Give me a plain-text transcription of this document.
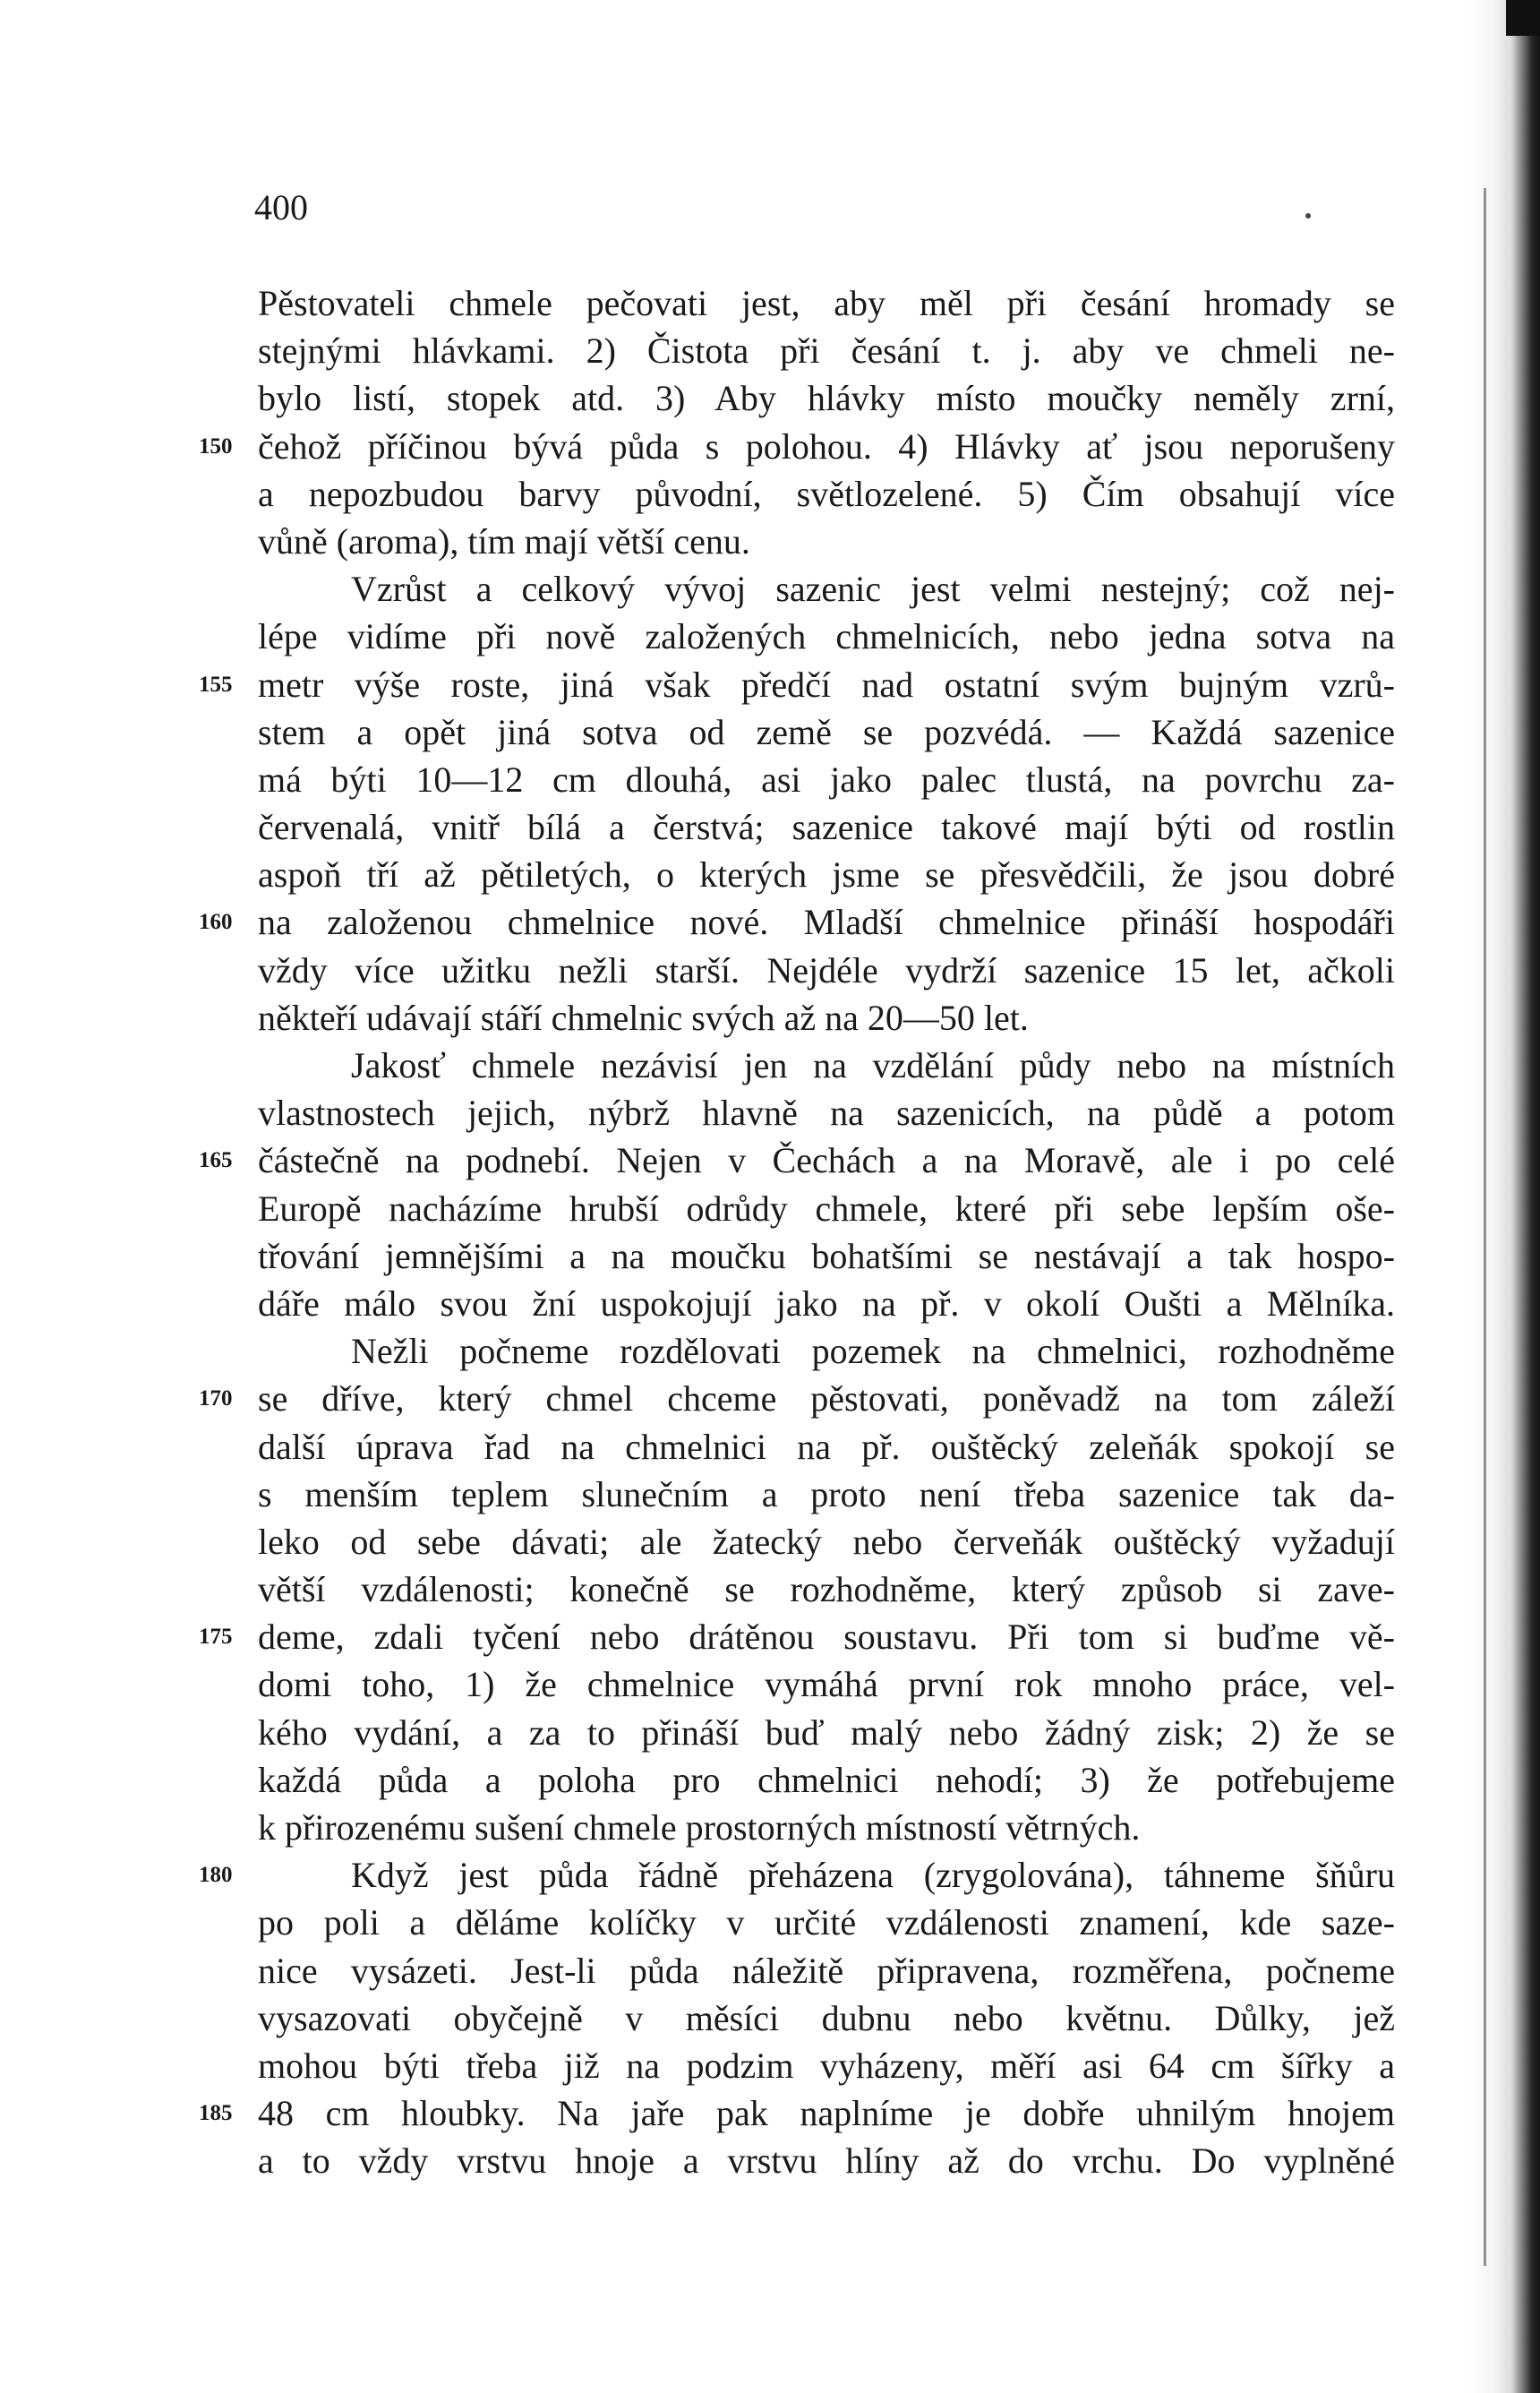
400
Pěstovateli chmele pečovati jest, aby měl při česání hromady se
stejnými hlávkami. 2) Čistota při česání t. j. aby ve chmeli ne-
bylo listí, stopek atd. 3) Aby hlávky místo moučky neměly zrní,
150 čehož příčinou bývá půda s polohou. 4) Hlávky ať jsou neporušeny
a nepozbudou barvy původní, světlozelené. 5) Čím obsahují více
vůně (aroma), tím mají větší cenu.
Vzrůst a celkový vývoj sazenic jest velmi nestejný; což nej-
lépe vidíme při nově založených chmelnicích, nebo jedna sotva na
155 metr výše roste, jiná však předčí nad ostatní svým bujným vzrů-
stem a opět jiná sotva od země se pozvédá. — Každá sazenice
má býti 10—12 cm dlouhá, asi jako palec tlustá, na povrchu za-
červenalá, vnitř bílá a čerstvá; sazenice takové mají býti od rostlin
aspoň tří až pětiletých, o kterých jsme se přesvědčili, že jsou dobré
160 na založenou chmelnice nové. Mladší chmelnice přináší hospodáři
vždy více užitku nežli starší. Nejdéle vydrží sazenice 15 let, ačkoli
někteří udávají stáří chmelnic svých až na 20—50 let.
Jakosť chmele nezávisí jen na vzdělání půdy nebo na místních
vlastnostech jejich, nýbrž hlavně na sazenicích, na půdě a potom
165 částečně na podnebí. Nejen v Čechách a na Moravě, ale i po celé
Europě nacházíme hrubší odrůdy chmele, které při sebe lepším oše-
třování jemnějšími a na moučku bohatšími se nestávají a tak hospo-
dáře málo svou žní uspokojují jako na př. v okolí Oušti a Mělníka.
Nežli počneme rozdělovati pozemek na chmelnici, rozhodněme
170 se dříve, který chmel chceme pěstovati, poněvadž na tom záleží
další úprava řad na chmelnici na př. ouštěcký zeleňák spokojí se
s menším teplem slunečním a proto není třeba sazenice tak da-
leko od sebe dávati; ale žatecký nebo červeňák ouštěcký vyžadují
větší vzdálenosti; konečně se rozhodněme, který způsob si zave-
175 deme, zdali tyčení nebo drátěnou soustavu. Při tom si buďme vě-
domi toho, 1) že chmelnice vymáhá první rok mnoho práce, vel-
kého vydání, a za to přináší buď malý nebo žádný zisk; 2) že se
každá půda a poloha pro chmelnici nehodí; 3) že potřebujeme
k přirozenému sušení chmele prostorných místností větrných.
180	Když jest půda řádně přeházena (zrygolována), táhneme šňůru
po poli a děláme kolíčky v určité vzdálenosti znamení, kde saze-
nice vysázeti. Jest-li půda náležitě připravena, rozměřena, počneme
vysazovati obyčejně v měsíci dubnu nebo květnu. Důlky, jež
mohou býti třeba již na podzim vyházeny, měří asi 64 cm šířky a
185 48 cm hloubky. Na jaře pak naplníme je dobře uhnilým hnojem
a to vždy vrstvu hnoje a vrstvu hlíny až do vrchu. Do vyplněné
